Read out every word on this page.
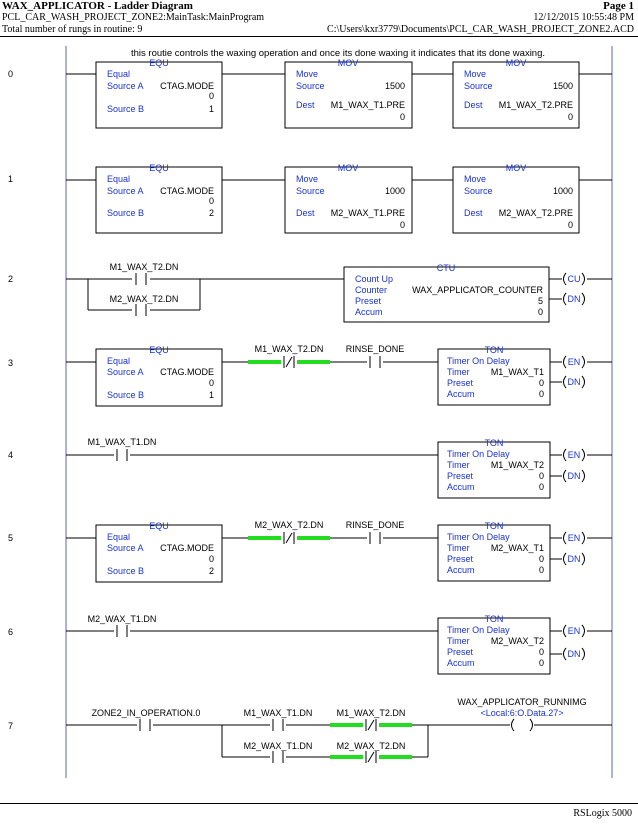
WAX_APPLICATOR - Ladder Diagram	Page 1
PCL_CAR_WASH_PROJECT_ZONE2:MainTask:MainProgram	12/12/2015 10:55:48 PM
Total number of rungs in routine: 9	C:\Users\kxr3779\Documents\PCL_CAR_WASH_PROJECT_ZONE2.ACD
this routie controls the waxing operation and once its done waxing it indicates that its done waxing.
0
1
2
3
4
5
6
7
EQU
Equal
Source A CTAG.MODE
0
Source B	1
MOV
Move
Source	1500
Dest M1_WAX_T1.PRE
0
MOV
Move
Source	1500
Dest M1_WAX_T2.PRE
0
EQU
Equal
Source A CTAG.MODE
0
Source B	2
MOV
Move
Source	1000
Dest M2_WAX_T1.PRE
0
MOV
Move
Source	1000
Dest M2_WAX_T2.PRE
0
M1_WAX_T2.DN
M2_WAX_T2.DN
CTU
Count Up
Counter	WAX_APPLICATOR_COUNTER
Preset	5
Accum	0
CU
DN
EQU
Equal
Source A CTAG.MODE
0
Source B	1
M1_WAX_T2.DN RINSE_DONE	TON
Timer On Delay
Timer M1_WAX_T1
Preset	0
Accum	0
EN
DN
M1_WAX_T1.DN	TON
Timer On Delay
Timer M1_WAX_T2
Preset	0
Accum	0
EN
DN
EQU
Equal
Source A CTAG.MODE
0
Source B	2
M2_WAX_T2.DN RINSE_DONE	TON
Timer On Delay
Timer M2_WAX_T1
Preset	0
Accum	0
EN
DN
M2_WAX_T1.DN	TON
Timer On Delay
Timer M2_WAX_T2
Preset	0
Accum	0
EN
DN
ZONE2_IN_OPERATION.0	M1_WAX_T1.DN	M1_WAX_T2.DN
M2_WAX_T1.DN	M2_WAX_T2.DN
WAX_APPLICATOR_RUNNIMG
<Local:6:O.Data.27>
RSLogix 5000
